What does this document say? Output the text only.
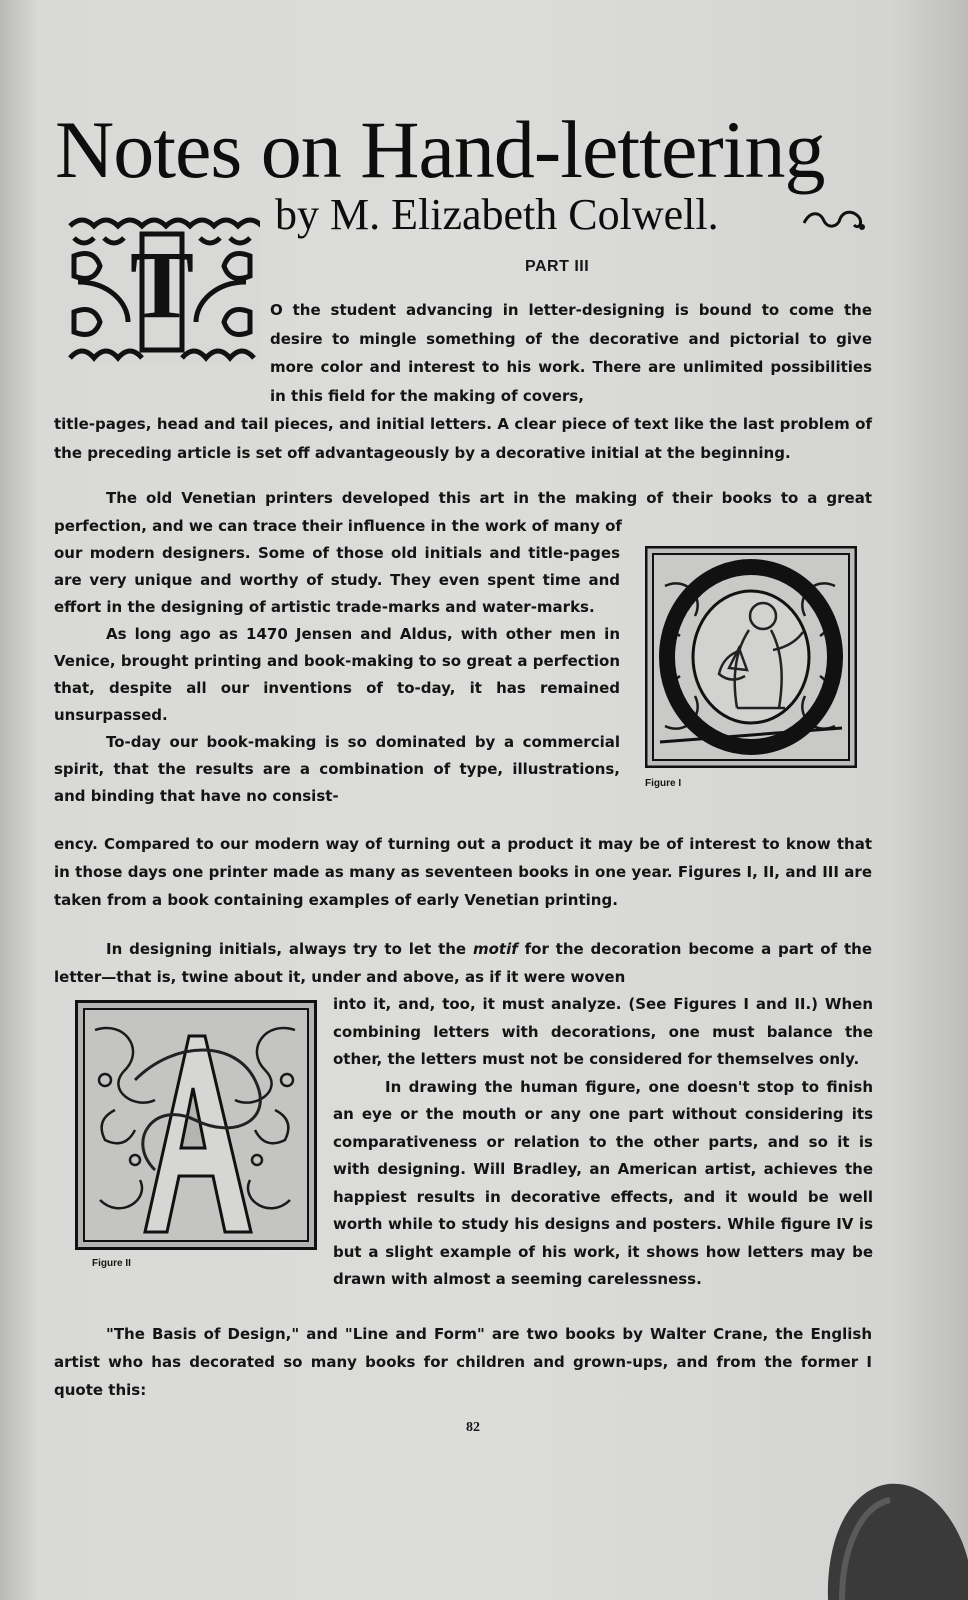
Notes on Hand-lettering
by M. Elizabeth Colwell.
T	PART III

O the student advancing in letter-designing is bound to come the desire to mingle something of the decorative and pictorial to give more color and interest to his work. There are unlimited possibilities in this field for the making of covers,

title-pages, head and tail pieces, and initial letters. A clear piece of text like the last problem of the preceding article is set off advantageously by a decorative initial at the beginning.

The old Venetian printers developed this art in the making of their books to a great perfection, and we can trace their influence in the work of many of

our modern designers. Some of those old initials and title-pages are very unique and worthy of study. They even spent time and effort in the designing of artistic trade-marks and water-marks.

As long ago as 1470 Jensen and Aldus, with other men in Venice, brought printing and book-making to so great a perfection that, despite all our inventions of to-day, it has remained unsurpassed.

To-day our book-making is so dominated by a commercial spirit, that the results are a combination of type, illustrations, and binding that have no consist-

Figure I

ency. Compared to our modern way of turning out a product it may be of interest to know that in those days one printer made as many as seventeen books in one year. Figures I, II, and III are taken from a book containing examples of early Venetian printing.

In designing initials, always try to let the motif for the decoration become a part of the letter—that is, twine about it, under and above, as if it were woven

Figure II

into it, and, too, it must analyze. (See Figures I and II.) When combining letters with decorations, one must balance the other, the letters must not be considered for themselves only.

In drawing the human figure, one doesn't stop to finish an eye or the mouth or any one part without considering its comparativeness or relation to the other parts, and so it is with designing. Will Bradley, an American artist, achieves the happiest results in decorative effects, and it would be well worth while to study his designs and posters. While figure IV is but a slight example of his work, it shows how letters may be drawn with almost a seeming carelessness.

"The Basis of Design," and "Line and Form" are two books by Walter Crane, the English artist who has decorated so many books for children and grown-ups, and from the former I quote this:

82
